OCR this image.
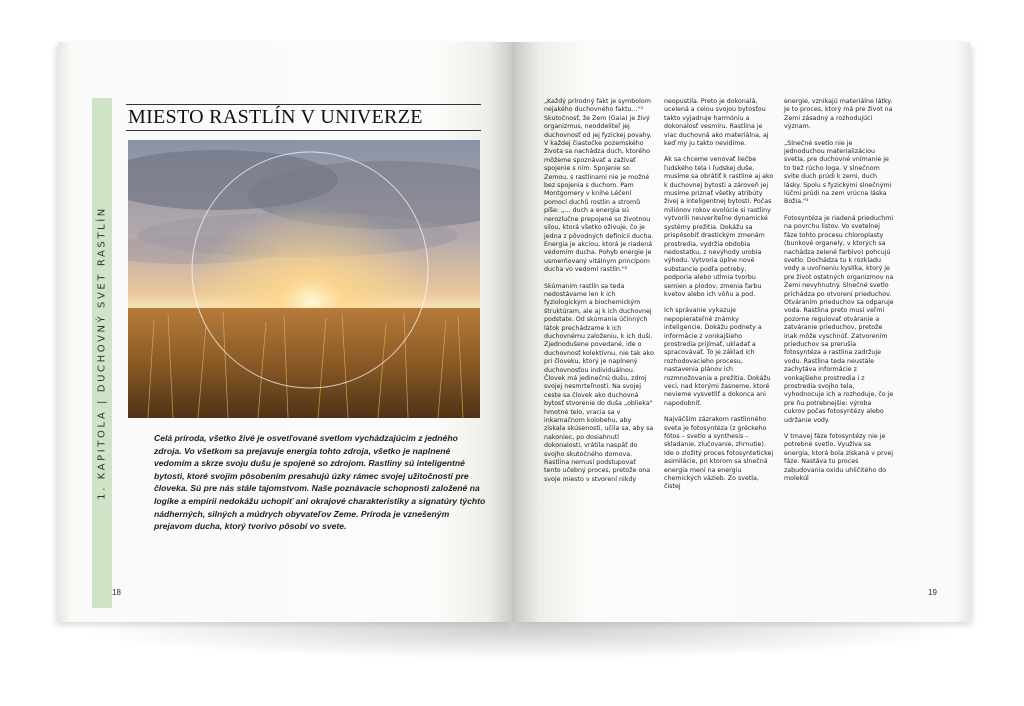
1. KAPITOLA | DUCHOVNÝ SVET RASTLÍN
MIESTO RASTLÍN V UNIVERZE
Celá príroda, všetko živé je osvetľované svetlom vychádzajúcim z jedného zdroja. Vo všetkom sa prejavuje energia tohto zdroja, všetko je naplnené vedomím a skrze svoju dušu je spojené so zdrojom. Rastliny sú inteligentné bytosti, ktoré svojím pôsobením presahujú úzky rámec svojej užitočnosti pre človeka. Sú pre nás stále tajomstvom. Naše poznávacie schopnosti založené na logike a empírii nedokážu uchopiť ani okrajové charakteristiky a signatúry týchto nádherných, silných a múdrych obyvateľov Zeme. Príroda je vznešeným prejavom ducha, ktorý tvorivo pôsobí vo svete.
18

„Každý prírodný fakt je symbolom nejakého duchovného faktu…"¹ Skutočnosť, že Zem (Gaia) je živý organizmus, neoddeliteľ jej duchovnosť od jej fyzickej povahy. V každej čiastočke pozemského života sa nachádza duch, ktorého môžeme spoznávať a zažívať spojenie s ním. Spojenie so Zemou, s rastlinami nie je možné bez spojenia s duchom. Pam Montgomery v knihe Léčení pomocí duchů rostlin a stromů píše: „… duch a energia sú nerozlučne prepojené so životnou silou, ktorá všetko oživuje, čo je jedna z pôvodných definícií ducha. Energia je akciou, ktorá je riadená vedomím ducha. Pohyb energie je usmerňovaný vitálnym princípom ducha vo vedomí rastlín."²

Skúmanim rastlín sa teda nedostávame len k ich fyziologickým a biochemickým štruktúram, ale aj k ich duchovnej podstate. Od skúmania účinných látok prechádzame k ich duchovnému založeniu, k ich duši. Zjednodušene povedané, ide o duchovnosť kolektívnu, nie tak ako pri človeku, ktorý je naplnený duchovnosťou individuálnou. Človek má jedinečnú dušu, zdroj svojej nesmrteľnosti. Na svojej ceste sa človek ako duchovná bytosť stvorenie do duša „oblieka" hmotné telo, vracia sa v inkarnačnom kolobehu, aby získala skúsenosti, učila sa, aby sa nakoniec, po dosiahnutí dokonalosti, vrátila naspäť do svojho skutočného domova. Rastlina nemusí podstupovať tento učebný proces, pretože ona svoje miesto v stvorení nikdy

neopustila. Preto je dokonalá, ucelená a celou svojou bytosťou takto vyjadruje harmóniu a dokonalosť vesmíru. Rastlina je viac duchovná ako materiálna, aj keď my ju takto nevidíme.

Ak sa chceme venovať liečbe ľudského tela i ľudskej duše, musíme sa obrátiť k rastline aj ako k duchovnej bytosti a zároveň jej musíme priznať všetky atribúty živej a inteligentnej bytosti. Počas miliónov rokov evolúcie si rastliny vytvorili neuveriteľne dynamické systémy prežitia. Dokážu sa prispôsobiť drastickým zmenám prostredia, vydržia obdobia nedostatku, z nevýhody urobia výhodu. Vytvoria úplne nové substancie podľa potreby, podporia alebo utlmia tvorbu semien a plodov, zmenia farbu kvetov alebo ich vôňu a pod.

Ich správanie vykazuje nepopierateľné známky inteligencie. Dokážu podnety a informácie z vonkajšieho prostredia prijímať, ukladať a spracovávať. To je základ ich rozhodovacieho procesu, nastavenia plánov ich rozmnožovania a prežitia. Dokážu veci, nad ktorými žasneme, ktoré nevieme vysvetliť a dokonca ani napodobniť.

Najväčším zázrakom rastlinného sveta je fotosyntéza (z gréckeho fótos – svetlo a synthesis – skladanie, zlučovanie, zhrnutie). Ide o zložitý proces fotosyntetickej asimilácie, pri ktorom sa slnečná energia mení na energiu chemických väzieb. Zo svetla, čistej

energie, vznikajú materiálne látky. Je to proces, ktorý má pre život na Zemi zásadný a rozhodujúci význam.

„Slnečné svetlo nie je jednoduchou materializáciou svetla, pre duchovné vnímanie je to tiež rúcho loga. V slnečnom svite duch prúdi k zemi, duch lásky. Spolu s fyzickými slnečnými lúčmi prúdi na zem vrúcna láska Božia."³

Fotosyntéza je riadená prieduchmi na povrchu listov. Vo svetelnej fáze tohto procesu chloroplasty (bunkové organely, v ktorých sa nachádza zelené farbivo) pohcujú svetlo. Dochádza tu k rozkladu vody a uvoľneniu kyslíka, ktorý je pre život ostatných organizmov na Zemi nevyhnutný. Slnečné svetlo prichádza po otvorení prieduchov. Otváraním prieduchov sa odparuje voda. Rastlina preto musí veľmi pozorne regulovať otváranie a zatváranie prieduchov, pretože inak môže vyschnúť. Zatvorením prieduchov sa prerušia fotosyntéza a rastlina zadržuje vodu. Rastlina teda neustále zachytáva informácie z vonkajšieho prostredia i z prostredia svojho tela, vyhodnocuje ich a rozhoduje, čo je pre ňu potrebnejšie: výroba cukrov počas fotosyntézy alebo udržanie vody.

V tmavej fáze fotosyntézy nie je potrebné svetlo. Využíva sa energia, ktorá bola získaná v prvej fáze. Nastáva tu proces zabudovania oxidu uhličitého do molekúl

19
